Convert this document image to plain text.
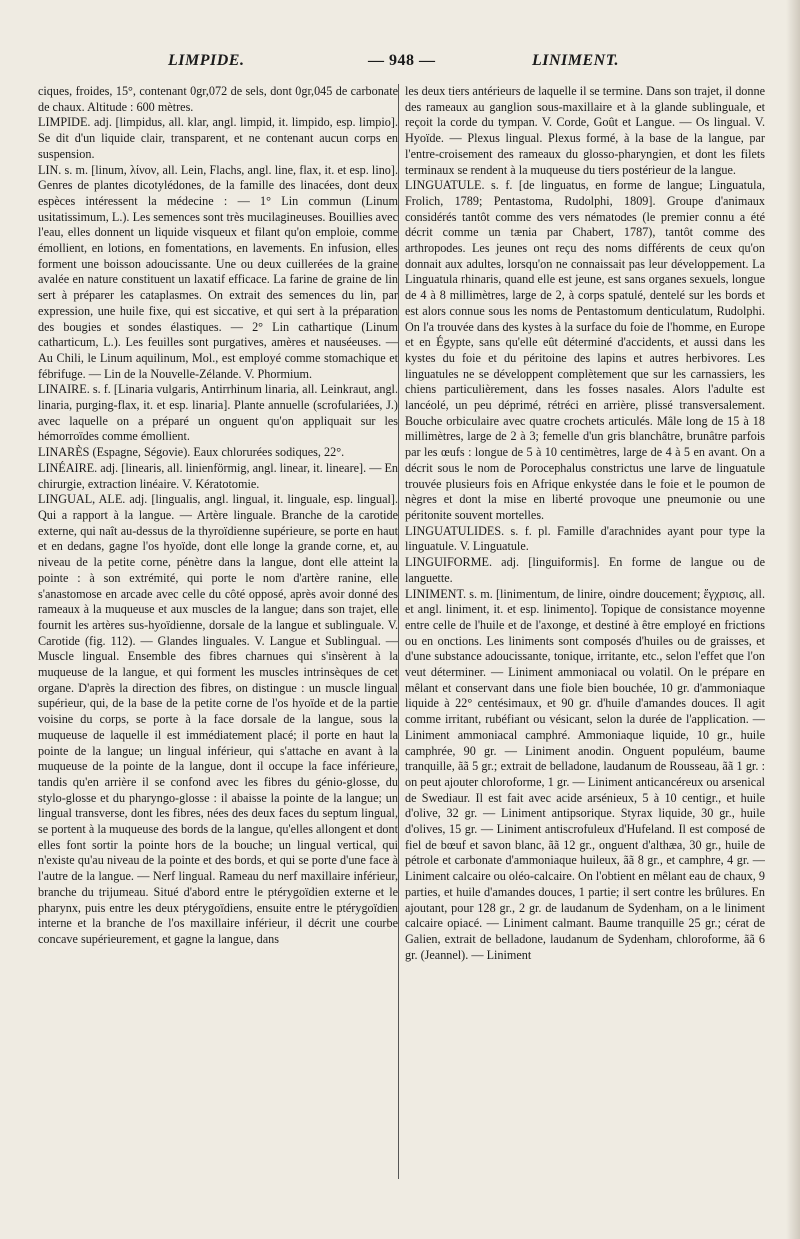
LIMPIDE.	— 948 —	LINIMENT.

ciques, froides, 15°, contenant 0gr,072 de sels, dont 0gr,045 de carbonate de chaux. Altitude : 600 mètres.

LIMPIDE. adj. [limpidus, all. klar, angl. limpid, it. limpido, esp. limpio]. Se dit d'un liquide clair, transparent, et ne contenant aucun corps en suspension.

LIN. s. m. [linum, λίνον, all. Lein, Flachs, angl. line, flax, it. et esp. lino]. Genres de plantes dicotylédones, de la famille des linacées, dont deux espèces intéressent la médecine : — 1° Lin commun (Linum usitatissimum, L.). Les semences sont très mucilagineuses. Bouillies avec l'eau, elles donnent un liquide visqueux et filant qu'on emploie, comme émollient, en lotions, en fomentations, en lavements. En infusion, elles forment une boisson adoucissante. Une ou deux cuillerées de la graine avalée en nature constituent un laxatif efficace. La farine de graine de lin sert à préparer les cataplasmes. On extrait des semences du lin, par expression, une huile fixe, qui est siccative, et qui sert à la préparation des bougies et sondes élastiques. — 2° Lin cathartique (Linum catharticum, L.). Les feuilles sont purgatives, amères et nauséeuses. — Au Chili, le Linum aquilinum, Mol., est employé comme stomachique et fébrifuge. — Lin de la Nouvelle-Zélande. V. Phormium.

LINAIRE. s. f. [Linaria vulgaris, Antirrhinum linaria, all. Leinkraut, angl. linaria, purging-flax, it. et esp. linaria]. Plante annuelle (scrofulariées, J.) avec laquelle on a préparé un onguent qu'on appliquait sur les hémorroïdes comme émollient.

LINARÈS (Espagne, Ségovie). Eaux chlorurées sodiques, 22°.

LINÉAIRE. adj. [linearis, all. linienförmig, angl. linear, it. lineare]. — En chirurgie, extraction linéaire. V. Kératotomie.

LINGUAL, ALE. adj. [lingualis, angl. lingual, it. linguale, esp. lingual]. Qui a rapport à la langue. — Artère linguale. Branche de la carotide externe, qui naît au-dessus de la thyroïdienne supérieure, se porte en haut et en dedans, gagne l'os hyoïde, dont elle longe la grande corne, et, au niveau de la petite corne, pénètre dans la langue, dont elle atteint la pointe : à son extrémité, qui porte le nom d'artère ranine, elle s'anastomose en arcade avec celle du côté opposé, après avoir donné des rameaux à la muqueuse et aux muscles de la langue; dans son trajet, elle fournit les artères sus-hyoïdienne, dorsale de la langue et sublinguale. V. Carotide (fig. 112). — Glandes linguales. V. Langue et Sublingual. — Muscle lingual. Ensemble des fibres charnues qui s'insèrent à la muqueuse de la langue, et qui forment les muscles intrinsèques de cet organe. D'après la direction des fibres, on distingue : un muscle lingual supérieur, qui, de la base de la petite corne de l'os hyoïde et de la partie voisine du corps, se porte à la face dorsale de la langue, sous la muqueuse de laquelle il est immédiatement placé; il porte en haut la pointe de la langue; un lingual inférieur, qui s'attache en avant à la muqueuse de la pointe de la langue, dont il occupe la face inférieure, tandis qu'en arrière il se confond avec les fibres du génio-glosse, du stylo-glosse et du pharyngo-glosse : il abaisse la pointe de la langue; un lingual transverse, dont les fibres, nées des deux faces du septum lingual, se portent à la muqueuse des bords de la langue, qu'elles allongent et dont elles font sortir la pointe hors de la bouche; un lingual vertical, qui n'existe qu'au niveau de la pointe et des bords, et qui se porte d'une face à l'autre de la langue. — Nerf lingual. Rameau du nerf maxillaire inférieur, branche du trijumeau. Situé d'abord entre le ptérygoïdien externe et le pharynx, puis entre les deux ptérygoïdiens, ensuite entre le ptérygoïdien interne et la branche de l'os maxillaire inférieur, il décrit une courbe concave supérieurement, et gagne la langue, dans

les deux tiers antérieurs de laquelle il se termine. Dans son trajet, il donne des rameaux au ganglion sous-maxillaire et à la glande sublinguale, et reçoit la corde du tympan. V. Corde, Goût et Langue. — Os lingual. V. Hyoïde. — Plexus lingual. Plexus formé, à la base de la langue, par l'entre-croisement des rameaux du glosso-pharyngien, et dont les filets terminaux se rendent à la muqueuse du tiers postérieur de la langue.

LINGUATULE. s. f. [de linguatus, en forme de langue; Linguatula, Frolich, 1789; Pentastoma, Rudolphi, 1809]. Groupe d'animaux considérés tantôt comme des vers nématodes (le premier connu a été décrit comme un tænia par Chabert, 1787), tantôt comme des arthropodes. Les jeunes ont reçu des noms différents de ceux qu'on donnait aux adultes, lorsqu'on ne connaissait pas leur développement. La Linguatula rhinaris, quand elle est jeune, est sans organes sexuels, longue de 4 à 8 millimètres, large de 2, à corps spatulé, dentelé sur les bords et est alors connue sous les noms de Pentastomum denticulatum, Rudolphi. On l'a trouvée dans des kystes à la surface du foie de l'homme, en Europe et en Égypte, sans qu'elle eût déterminé d'accidents, et aussi dans les kystes du foie et du péritoine des lapins et autres herbivores. Les linguatules ne se développent complètement que sur les carnassiers, les chiens particulièrement, dans les fosses nasales. Alors l'adulte est lancéolé, un peu déprimé, rétréci en arrière, plissé transversalement. Bouche orbiculaire avec quatre crochets articulés. Mâle long de 15 à 18 millimètres, large de 2 à 3; femelle d'un gris blanchâtre, brunâtre parfois par les œufs : longue de 5 à 10 centimètres, large de 4 à 5 en avant. On a décrit sous le nom de Porocephalus constrictus une larve de linguatule trouvée plusieurs fois en Afrique enkystée dans le foie et le poumon de nègres et dont la mise en liberté provoque une pneumonie ou une péritonite souvent mortelles.

LINGUATULIDES. s. f. pl. Famille d'arachnides ayant pour type la linguatule. V. Linguatule.

LINGUIFORME. adj. [linguiformis]. En forme de langue ou de languette.

LINIMENT. s. m. [linimentum, de linire, oindre doucement; ἔγχρισις, all. et angl. liniment, it. et esp. linimento]. Topique de consistance moyenne entre celle de l'huile et de l'axonge, et destiné à être employé en frictions ou en onctions. Les liniments sont composés d'huiles ou de graisses, et d'une substance adoucissante, tonique, irritante, etc., selon l'effet que l'on veut déterminer. — Liniment ammoniacal ou volatil. On le prépare en mêlant et conservant dans une fiole bien bouchée, 10 gr. d'ammoniaque liquide à 22° centésimaux, et 90 gr. d'huile d'amandes douces. Il agit comme irritant, rubéfiant ou vésicant, selon la durée de l'application. — Liniment ammoniacal camphré. Ammoniaque liquide, 10 gr., huile camphrée, 90 gr. — Liniment anodin. Onguent populéum, baume tranquille, ãã 5 gr.; extrait de belladone, laudanum de Rousseau, ãã 1 gr. : on peut ajouter chloroforme, 1 gr. — Liniment anticancéreux ou arsenical de Swediaur. Il est fait avec acide arsénieux, 5 à 10 centigr., et huile d'olive, 32 gr. — Liniment antipsorique. Styrax liquide, 30 gr., huile d'olives, 15 gr. — Liniment antiscrofuleux d'Hufeland. Il est composé de fiel de bœuf et savon blanc, ãã 12 gr., onguent d'althæa, 30 gr., huile de pétrole et carbonate d'ammoniaque huileux, ãã 8 gr., et camphre, 4 gr. — Liniment calcaire ou oléo-calcaire. On l'obtient en mêlant eau de chaux, 9 parties, et huile d'amandes douces, 1 partie; il sert contre les brûlures. En ajoutant, pour 128 gr., 2 gr. de laudanum de Sydenham, on a le liniment calcaire opiacé. — Liniment calmant. Baume tranquille 25 gr.; cérat de Galien, extrait de belladone, laudanum de Sydenham, chloroforme, ãã 6 gr. (Jeannel). — Liniment
